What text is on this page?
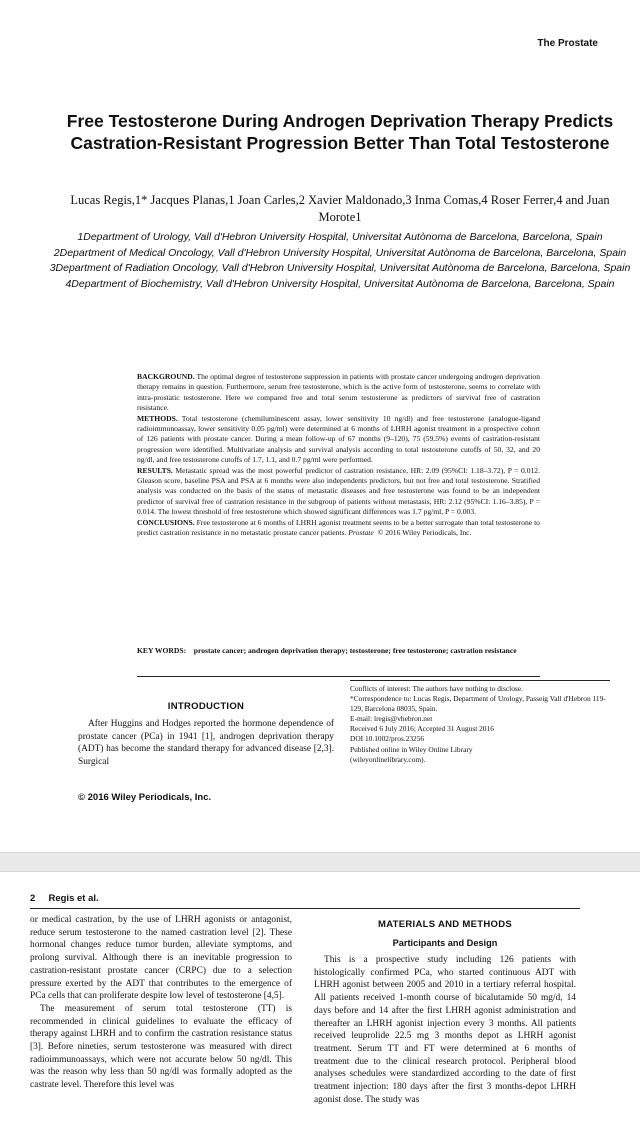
The Prostate
Free Testosterone During Androgen Deprivation Therapy Predicts Castration-Resistant Progression Better Than Total Testosterone
Lucas Regis,1* Jacques Planas,1 Joan Carles,2 Xavier Maldonado,3 Inma Comas,4 Roser Ferrer,4 and Juan Morote1
1Department of Urology, Vall d'Hebron University Hospital, Universitat Autònoma de Barcelona, Barcelona, Spain
2Department of Medical Oncology, Vall d'Hebron University Hospital, Universitat Autònoma de Barcelona, Barcelona, Spain
3Department of Radiation Oncology, Vall d'Hebron University Hospital, Universitat Autònoma de Barcelona, Barcelona, Spain
4Department of Biochemistry, Vall d'Hebron University Hospital, Universitat Autònoma de Barcelona, Barcelona, Spain

BACKGROUND. The optimal degree of testosterone suppression in patients with prostate cancer undergoing androgen deprivation therapy remains in question. Furthermore, serum free testosterone, which is the active form of testosterone, seems to correlate with intra-prostatic testosterone. Here we compared free and total serum testosterone as predictors of survival free of castration resistance.

METHODS. Total testosterone (chemiluminescent assay, lower sensitivity 10 ng/dl) and free testosterone (analogue-ligand radioimmunoassay, lower sensitivity 0.05 pg/ml) were determined at 6 months of LHRH agonist treatment in a prospective cohort of 126 patients with prostate cancer. During a mean follow-up of 67 months (9–120), 75 (59.5%) events of castration-resistant progression were identified. Multivariate analysis and survival analysis according to total testosterone cutoffs of 50, 32, and 20 ng/dl, and free testosterone cutoffs of 1.7, 1.1, and 0.7 pg/ml were performed.

RESULTS. Metastatic spread was the most powerful predictor of castration resistance, HR: 2.09 (95%CI: 1.18–3.72), P = 0.012. Gleason score, baseline PSA and PSA at 6 months were also independents predictors, but not free and total testosterone. Stratified analysis was conducted on the basis of the status of metastatic diseases and free testosterone was found to be an independent predictor of survival free of castration resistance in the subgroup of patients without metastasis, HR: 2.12 (95%CI: 1.16–3.85), P = 0.014. The lowest threshold of free testosterone which showed significant differences was 1.7 pg/ml, P = 0.003.

CONCLUSIONS. Free testosterone at 6 months of LHRH agonist treatment seems to be a better surrogate than total testosterone to predict castration resistance in no metastatic prostate cancer patients. Prostate © 2016 Wiley Periodicals, Inc.

KEY WORDS: prostate cancer; androgen deprivation therapy; testosterone; free testosterone; castration resistance
INTRODUCTION
After Huggins and Hodges reported the hormone dependence of prostate cancer (PCa) in 1941 [1], androgen deprivation therapy (ADT) has become the standard therapy for advanced disease [2,3]. Surgical
© 2016 Wiley Periodicals, Inc.
Conflicts of interest: The authors have nothing to disclose.
*Correspondence to: Lucas Regis, Department of Urology, Passeig Vall d'Hebron 119-129, Barcelona 08035, Spain.
E-mail: lregis@vhebron.net
Received 6 July 2016; Accepted 31 August 2016
DOI 10.1002/pros.23256
Published online in Wiley Online Library
(wileyonlinelibrary.com).
2     Regis et al.

or medical castration, by the use of LHRH agonists or antagonist, reduce serum testosterone to the named castration level [2]. These hormonal changes reduce tumor burden, alleviate symptoms, and prolong survival. Although there is an inevitable progression to castration-resistant prostate cancer (CRPC) due to a selection pressure exerted by the ADT that contributes to the emergence of PCa cells that can proliferate despite low level of testosterone [4,5].

The measurement of serum total testosterone (TT) is recommended in clinical guidelines to evaluate the efficacy of therapy against LHRH and to confirm the castration resistance status [3]. Before nineties, serum testosterone was measured with direct radioimmunoassays, which were not accurate below 50 ng/dl. This was the reason why less than 50 ng/dl was formally adopted as the castrate level. Therefore this level was

MATERIALS AND METHODS
Participants and Design
This is a prospective study including 126 patients with histologically confirmed PCa, who started continuous ADT with LHRH agonist between 2005 and 2010 in a tertiary referral hospital. All patients received 1-month course of bicalutamide 50 mg/d, 14 days before and 14 after the first LHRH agonist administration and thereafter an LHRH agonist injection every 3 months. All patients received leuprolide 22.5 mg 3 months depot as LHRH agonist treatment. Serum TT and FT were determined at 6 months of treatment due to the clinical research protocol. Peripheral blood analyses schedules were standardized according to the date of first treatment injection: 180 days after the first 3 months-depot LHRH agonist dose. The study was
